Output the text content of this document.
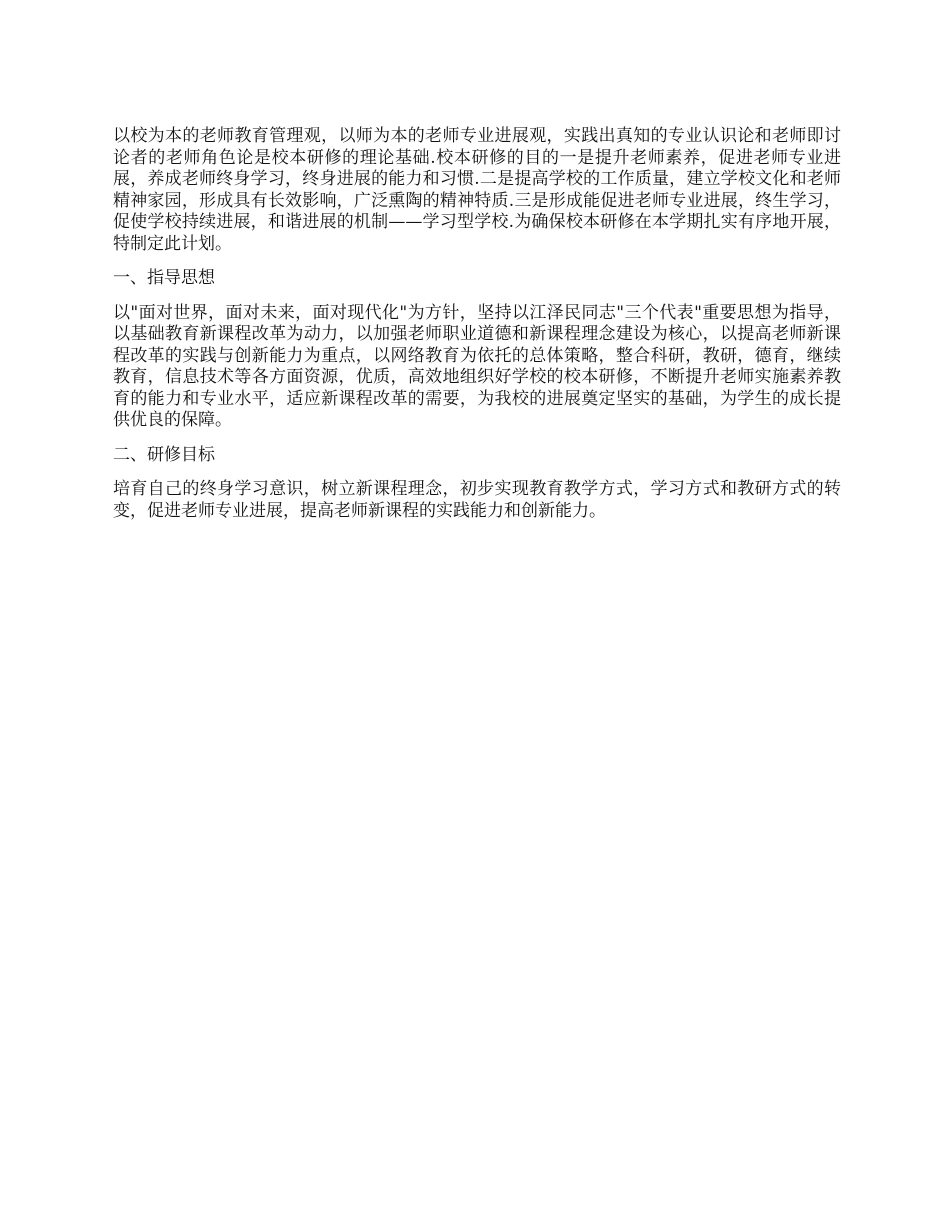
以校为本的老师教育管理观，以师为本的老师专业进展观，实践出真知的专业认识论和老师即讨论者的老师角色论是校本研修的理论基础.校本研修的目的一是提升老师素养，促进老师专业进展，养成老师终身学习，终身进展的能力和习惯.二是提高学校的工作质量，建立学校文化和老师精神家园，形成具有长效影响，广泛熏陶的精神特质.三是形成能促进老师专业进展，终生学习，促使学校持续进展，和谐进展的机制——学习型学校.为确保校本研修在本学期扎实有序地开展，特制定此计划。

一、指导思想

以"面对世界，面对未来，面对现代化"为方针，坚持以江泽民同志"三个代表"重要思想为指导，以基础教育新课程改革为动力，以加强老师职业道德和新课程理念建设为核心，以提高老师新课程改革的实践与创新能力为重点，以网络教育为依托的总体策略，整合科研，教研，德育，继续教育，信息技术等各方面资源，优质，高效地组织好学校的校本研修，不断提升老师实施素养教育的能力和专业水平，适应新课程改革的需要，为我校的进展奠定坚实的基础，为学生的成长提供优良的保障。

二、研修目标

培育自己的终身学习意识，树立新课程理念，初步实现教育教学方式，学习方式和教研方式的转变，促进老师专业进展，提高老师新课程的实践能力和创新能力。
